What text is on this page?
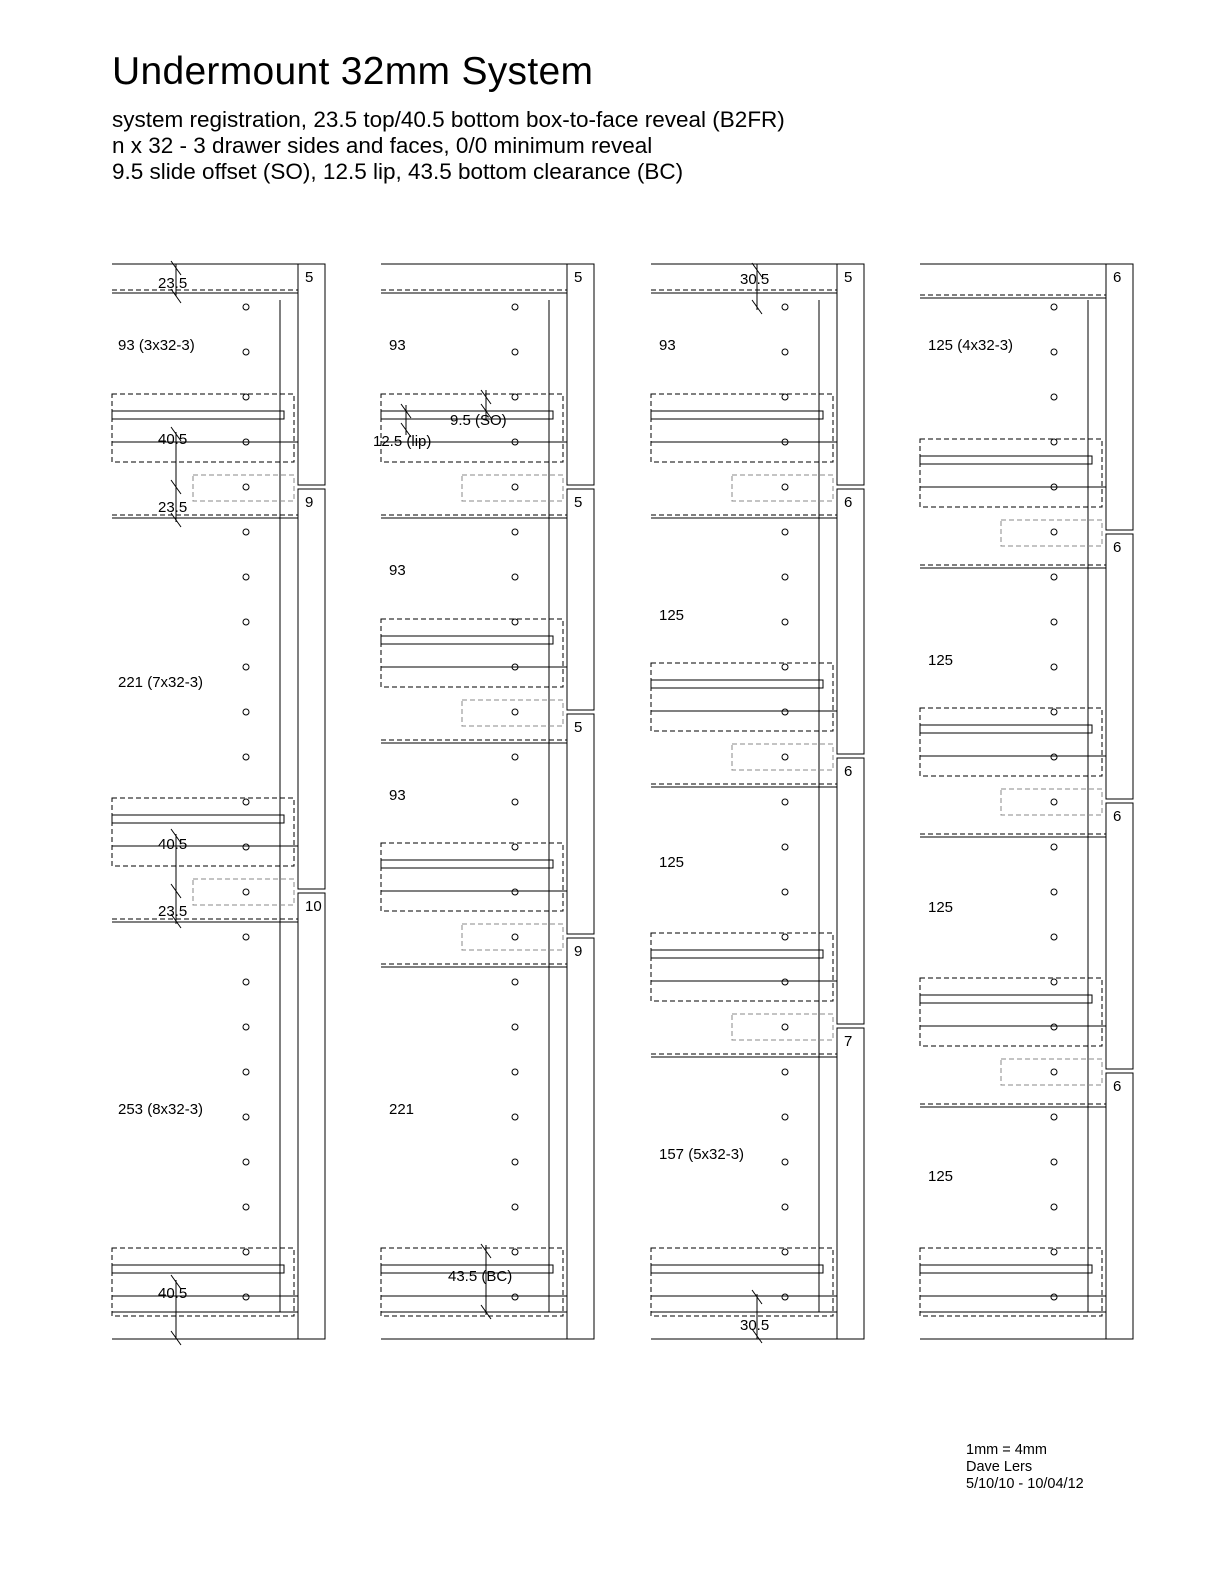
Undermount 32mm System
system registration, 23.5 top/40.5 bottom box-to-face reveal (B2FR)
n x 32 - 3 drawer sides and faces, 0/0 minimum reveal
9.5 slide offset (SO), 12.5 lip, 43.5 bottom clearance (BC)
5
93 (3x32-3)
9
221 (7x32-3)
10
253 (8x32-3)
23.5
40.5
23.5
40.5
23.5
40.5
5
93
5
93
5
93
9
221
9.5 (SO)
12.5 (lip)
43.5 (BC)
5
93
6
125
6
125
7
157 (5x32-3)
30.5
30.5
6
125 (4x32-3)
6
125
6
125
6
125
1mm = 4mm
Dave Lers
5/10/10 - 10/04/12
